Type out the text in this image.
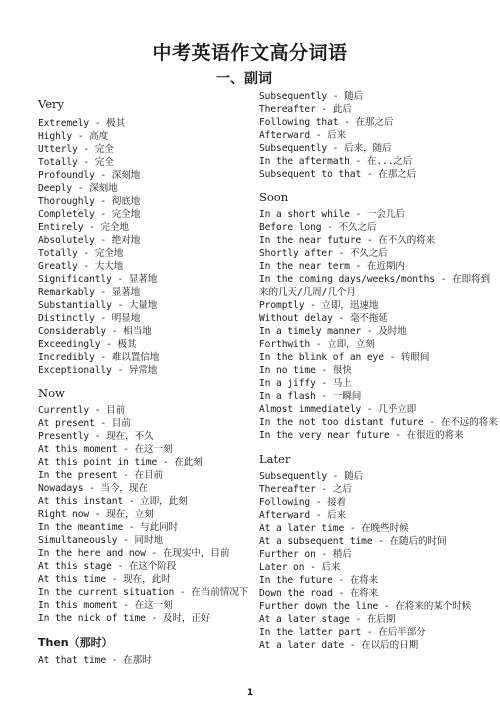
中考英语作文高分词语
一、副词
Very
Extremely - 极其
Highly - 高度
Utterly - 完全
Totally - 完全
Profoundly - 深刻地
Deeply - 深刻地
Thoroughly - 彻底地
Completely - 完全地
Entirely - 完全地
Absolutely - 绝对地
Totally - 完全地
Greatly - 大大地
Significantly - 显著地
Remarkably - 显著地
Substantially - 大量地
Distinctly - 明显地
Considerably - 相当地
Exceedingly - 极其
Incredibly - 难以置信地
Exceptionally - 异常地
Now
Currently - 目前
At present - 目前
Presently - 现在，不久
At this moment - 在这一刻
At this point in time - 在此刻
In the present - 在目前
Nowadays - 当今，现在
At this instant - 立即，此刻
Right now - 现在，立刻
In the meantime - 与此同时
Simultaneously - 同时地
In the here and now - 在现实中，目前
At this stage - 在这个阶段
At this time - 现在，此时
In the current situation - 在当前情况下
In this moment - 在这一刻
In the nick of time - 及时，正好
Then（那时）
At that time - 在那时
Subsequently - 随后
Thereafter - 此后
Following that - 在那之后
Afterward - 后来
Subsequently - 后来，随后
In the aftermath - 在...之后
Subsequent to that - 在那之后
Soon
In a short while - 一会儿后
Before long - 不久之后
In the near future - 在不久的将来
Shortly after - 不久之后
In the near term - 在近期内
In the coming days/weeks/months - 在即将到
来的几天/几周/几个月
Promptly - 立即，迅速地
Without delay - 毫不拖延
In a timely manner - 及时地
Forthwith - 立即，立刻
In the blink of an eye - 转眼间
In no time - 很快
In a jiffy - 马上
In a flash - 一瞬间
Almost immediately - 几乎立即
In the not too distant future - 在不远的将来
In the very near future - 在很近的将来
Later
Subsequently - 随后
Thereafter - 之后
Following - 接着
Afterward - 后来
At a later time - 在晚些时候
At a subsequent time - 在随后的时间
Further on - 稍后
Later on - 后来
In the future - 在将来
Down the road - 在将来
Further down the line - 在将来的某个时候
At a later stage - 在后期
In the latter part - 在后半部分
At a later date - 在以后的日期
1
